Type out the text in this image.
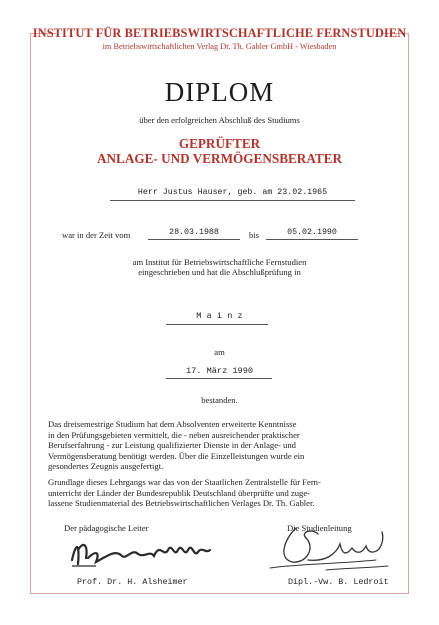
INSTITUT FÜR BETRIEBSWIRTSCHAFTLICHE FERNSTUDIEN
im Betriebswirtschaftlichen Verlag Dr. Th. Gabler GmbH - Wiesbaden
DIPLOM
über den erfolgreichen Abschluß des Studiums
GEPRÜFTER
ANLAGE- UND VERMÖGENSBERATER
Herr Justus Hauser, geb. am 23.02.1965
war in der Zeit vom	28.03.1988	bis	05.02.1990
am Institut für Betriebswirtschaftliche Fernstudien
eingeschrieben und hat die Abschlußprüfung in
M a i n z
am
17. März 1990
bestanden.
Das dreisemestrige Studium hat dem Absolventen erweiterte Kenntnisse
in den Prüfungsgebieten vermittelt, die - neben ausreichender praktischer
Berufserfahrung - zur Leistung qualifizierter Dienste in der Anlage- und
Vermögensberatung benötigt werden. Über die Einzelleistungen wurde ein
gesondertes Zeugnis ausgefertigt.
Grundlage dieses Lehrgangs war das von der Staatlichen Zentralstelle für Fern-
unterricht der Länder der Bundesrepublik Deutschland überprüfte und zuge-
lassene Studienmaterial des Betriebswirtschaftlichen Verlages Dr. Th. Gabler.
Der pädagogische Leiter	Die Studienleitung
Prof. Dr. H. Alsheimer	Dipl.-Vw. B. Ledroit
